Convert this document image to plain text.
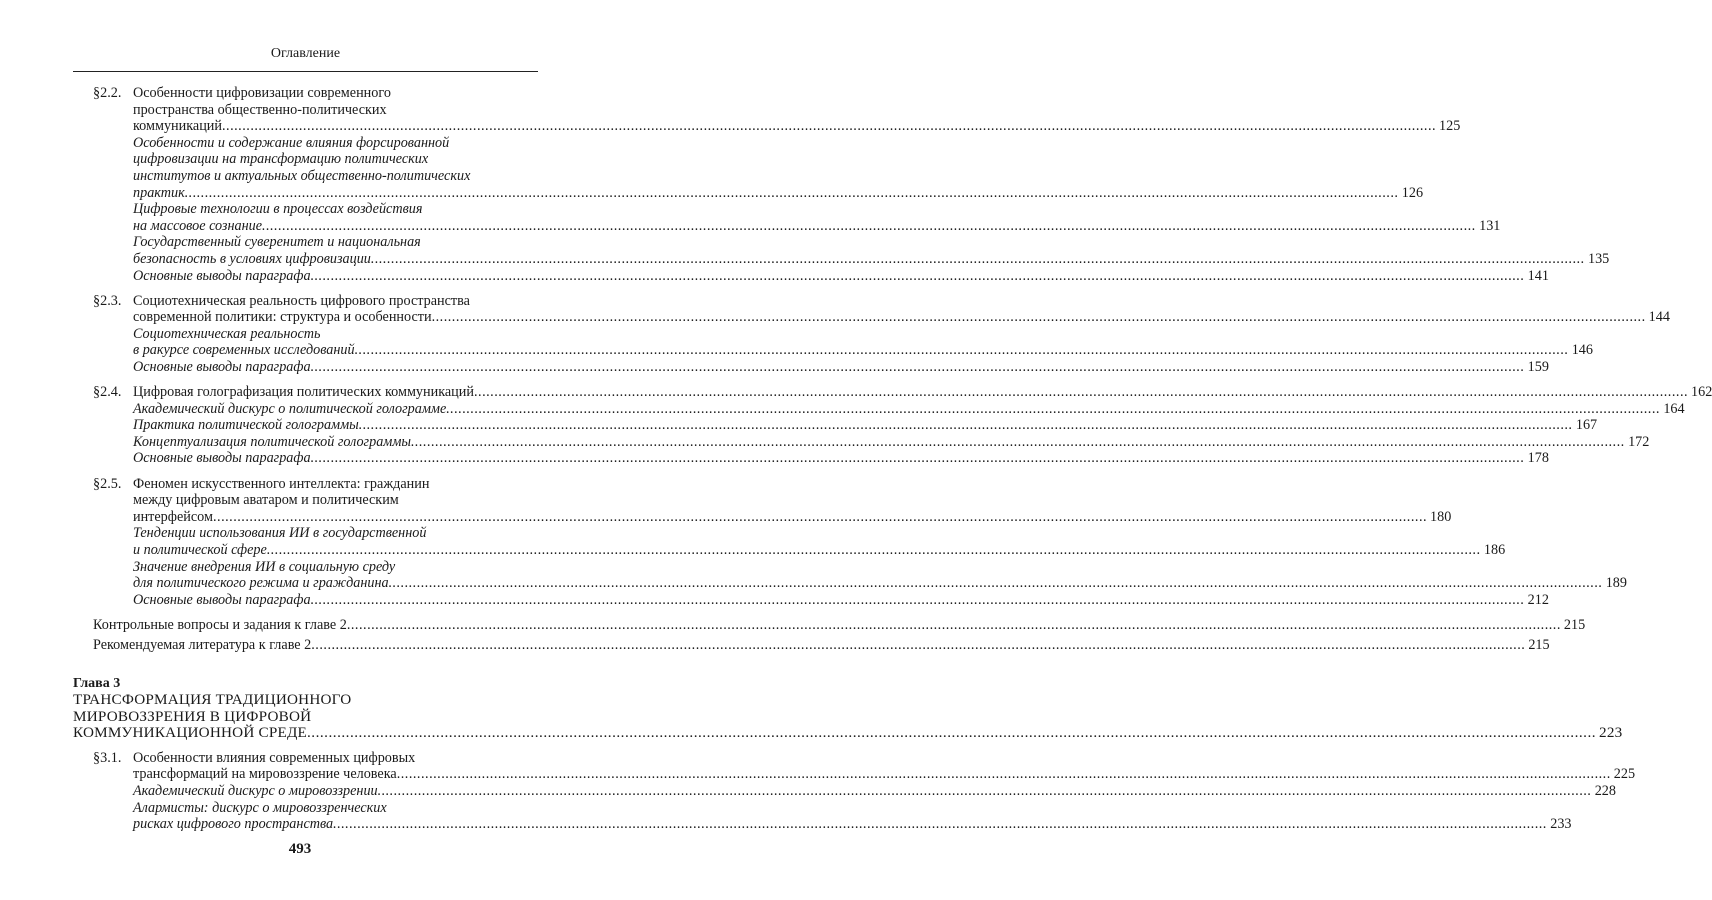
Оглавление
§2.2. Особенности цифровизации современного
пространства общественно-политических
коммуникаций ............................................................................................................................................................................................................................................................................................................ 125
Особенности и содержание влияния форсированной
цифровизации на трансформацию политических
институтов и актуальных общественно-политических
практик ............................................................................................................................................................................................................................................................................................................ 126
Цифровые технологии в процессах воздействия
на массовое сознание ............................................................................................................................................................................................................................................................................................................ 131
Государственный суверенитет и национальная
безопасность в условиях цифровизации ............................................................................................................................................................................................................................................................................................................ 135
Основные выводы параграфа ............................................................................................................................................................................................................................................................................................................ 141
§2.3. Социотехническая реальность цифрового пространства
современной политики: структура и особенности ............................................................................................................................................................................................................................................................................................................ 144
Социотехническая реальность
в ракурсе современных исследований ............................................................................................................................................................................................................................................................................................................ 146
Основные выводы параграфа ............................................................................................................................................................................................................................................................................................................ 159
§2.4. Цифровая голографизация политических коммуникаций ............................................................................................................................................................................................................................................................................................................ 162
Академический дискурс о политической голограмме ............................................................................................................................................................................................................................................................................................................ 164
Практика политической голограммы ............................................................................................................................................................................................................................................................................................................ 167
Концептуализация политической голограммы ............................................................................................................................................................................................................................................................................................................ 172
Основные выводы параграфа ............................................................................................................................................................................................................................................................................................................ 178
§2.5. Феномен искусственного интеллекта: гражданин
между цифровым аватаром и политическим
интерфейсом ............................................................................................................................................................................................................................................................................................................ 180
Тенденции использования ИИ в государственной
и политической сфере ............................................................................................................................................................................................................................................................................................................ 186
Значение внедрения ИИ в социальную среду
для политического режима и гражданина ............................................................................................................................................................................................................................................................................................................ 189
Основные выводы параграфа ............................................................................................................................................................................................................................................................................................................ 212
Контрольные вопросы и задания к главе 2 ............................................................................................................................................................................................................................................................................................................ 215
Рекомендуемая литература к главе 2 ............................................................................................................................................................................................................................................................................................................ 215
Глава 3
ТРАНСФОРМАЦИЯ ТРАДИЦИОННОГО
МИРОВОЗЗРЕНИЯ В ЦИФРОВОЙ
КОММУНИКАЦИОННОЙ СРЕДЕ ............................................................................................................................................................................................................................................................................................................ 223
§3.1. Особенности влияния современных цифровых
трансформаций на мировоззрение человека ............................................................................................................................................................................................................................................................................................................ 225
Академический дискурс о мировоззрении ............................................................................................................................................................................................................................................................................................................ 228
Алармисты: дискурс о мировоззренческих
рисках цифрового пространства ............................................................................................................................................................................................................................................................................................................ 233
493
